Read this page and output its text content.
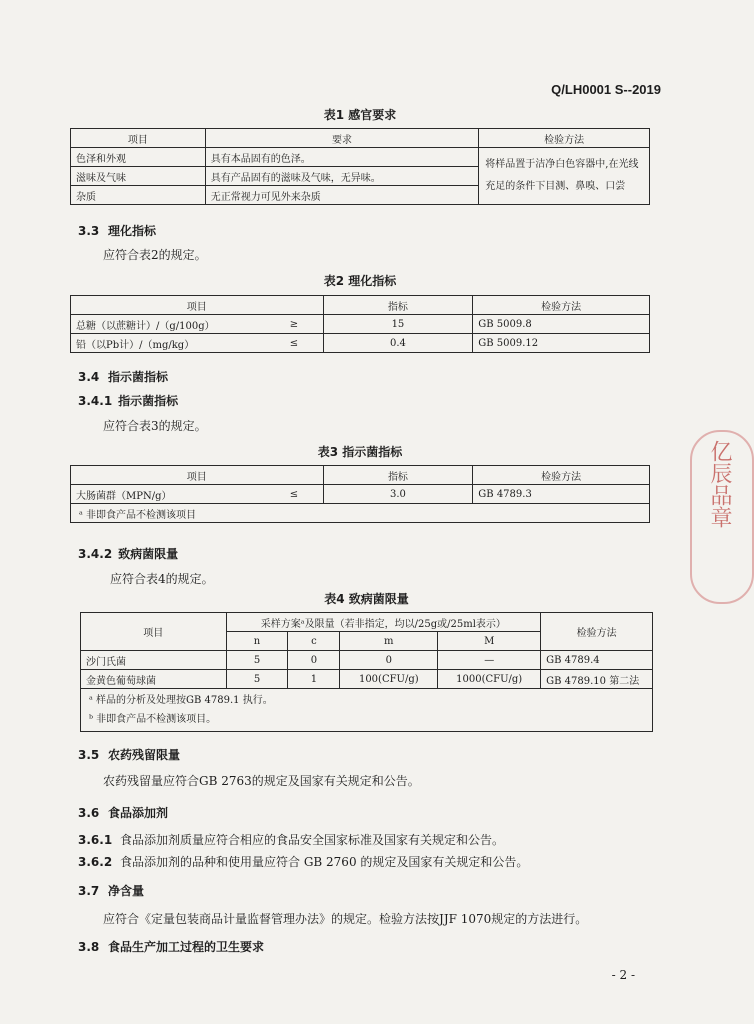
Q/LH0001 S--2019
表1 感官要求
项目	要求	检验方法
色泽和外观	具有本品固有的色泽。	将样品置于洁净白色容器中,在光线充足的条件下目测、鼻嗅、口尝
滋味及气味	具有产品固有的滋味及气味，无异味。	
杂质	无正常视力可见外来杂质	
3.3 理化指标
应符合表2的规定。
表2 理化指标
项目		指标	检验方法
总糖（以蔗糖计）/（g/100g）	≥	15	GB 5009.8
铅（以Pb计）/（mg/kg）	≤	0.4	GB 5009.12
3.4 指示菌指标
3.4.1 指示菌指标
应符合表3的规定。
表3 指示菌指标
项目		指标	检验方法
大肠菌群（MPN/g）	≤	3.0	GB 4789.3
ᵃ 非即食产品不检测该项目			
3.4.2 致病菌限量
应符合表4的规定。
表4 致病菌限量
项目	采样方案ᵃ及限量（若非指定，均以/25g或/25ml表示）				检验方法
	n	c	m	M	
沙门氏菌	5	0	0	—	GB 4789.4
金黄色葡萄球菌	5	1	100(CFU/g)	1000(CFU/g)	GB 4789.10 第二法

ᵃ 样品的分析及处理按GB 4789.1 执行。
ᵇ 非即食产品不检测该项目。					
3.5 农药残留限量
农药残留量应符合GB 2763的规定及国家有关规定和公告。
3.6 食品添加剂
3.6.1 食品添加剂质量应符合相应的食品安全国家标准及国家有关规定和公告。
3.6.2 食品添加剂的品种和使用量应符合 GB 2760 的规定及国家有关规定和公告。
3.7 净含量
应符合《定量包装商品计量监督管理办法》的规定。检验方法按JJF 1070规定的方法进行。
3.8 食品生产加工过程的卫生要求
- 2 -
亿辰品章
